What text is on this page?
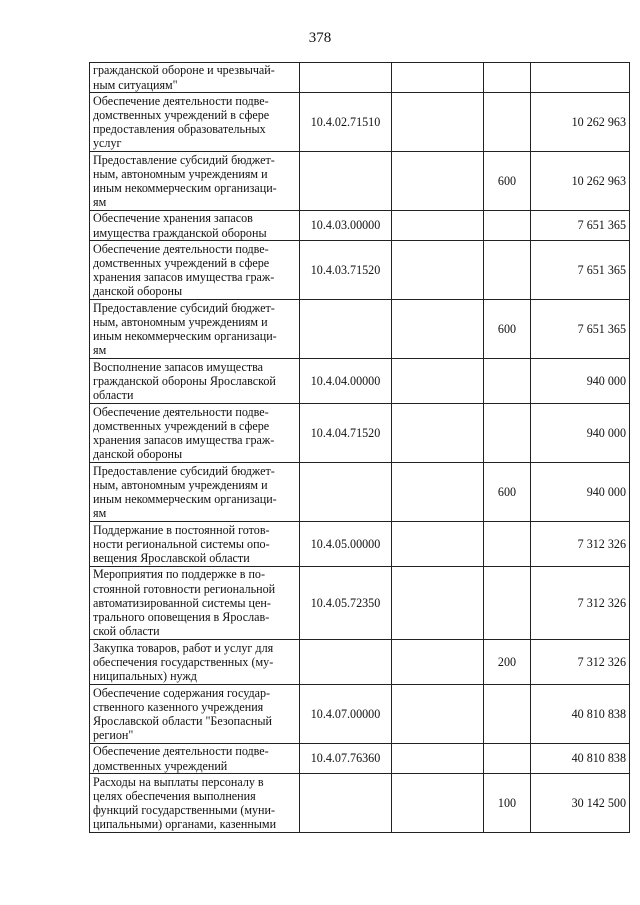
378
гражданской обороне и чрезвычай-
ным ситуациям"				

Обеспечение деятельности подве-
домственных учреждений в сфере
предоставления образовательных
услуг	10.4.02.71510			10 262 963

Предоставление субсидий бюджет-
ным, автономным учреждениям и
иным некоммерческим организаци-
ям			600	10 262 963

Обеспечение хранения запасов
имущества гражданской обороны	10.4.03.00000			7 651 365

Обеспечение деятельности подве-
домственных учреждений в сфере
хранения запасов имущества граж-
данской обороны	10.4.03.71520			7 651 365

Предоставление субсидий бюджет-
ным, автономным учреждениям и
иным некоммерческим организаци-
ям			600	7 651 365

Восполнение запасов имущества
гражданской обороны Ярославской
области	10.4.04.00000			940 000

Обеспечение деятельности подве-
домственных учреждений в сфере
хранения запасов имущества граж-
данской обороны	10.4.04.71520			940 000

Предоставление субсидий бюджет-
ным, автономным учреждениям и
иным некоммерческим организаци-
ям			600	940 000

Поддержание в постоянной готов-
ности региональной системы опо-
вещения Ярославской области	10.4.05.00000			7 312 326

Мероприятия по поддержке в по-
стоянной готовности региональной
автоматизированной системы цен-
трального оповещения в Ярослав-
ской области	10.4.05.72350			7 312 326

Закупка товаров, работ и услуг для
обеспечения государственных (му-
ниципальных) нужд			200	7 312 326

Обеспечение содержания государ-
ственного казенного учреждения
Ярославской области "Безопасный
регион"	10.4.07.00000			40 810 838

Обеспечение деятельности подве-
домственных учреждений	10.4.07.76360			40 810 838

Расходы на выплаты персоналу в
целях обеспечения выполнения
функций государственными (муни-
ципальными) органами, казенными			100	30 142 500
